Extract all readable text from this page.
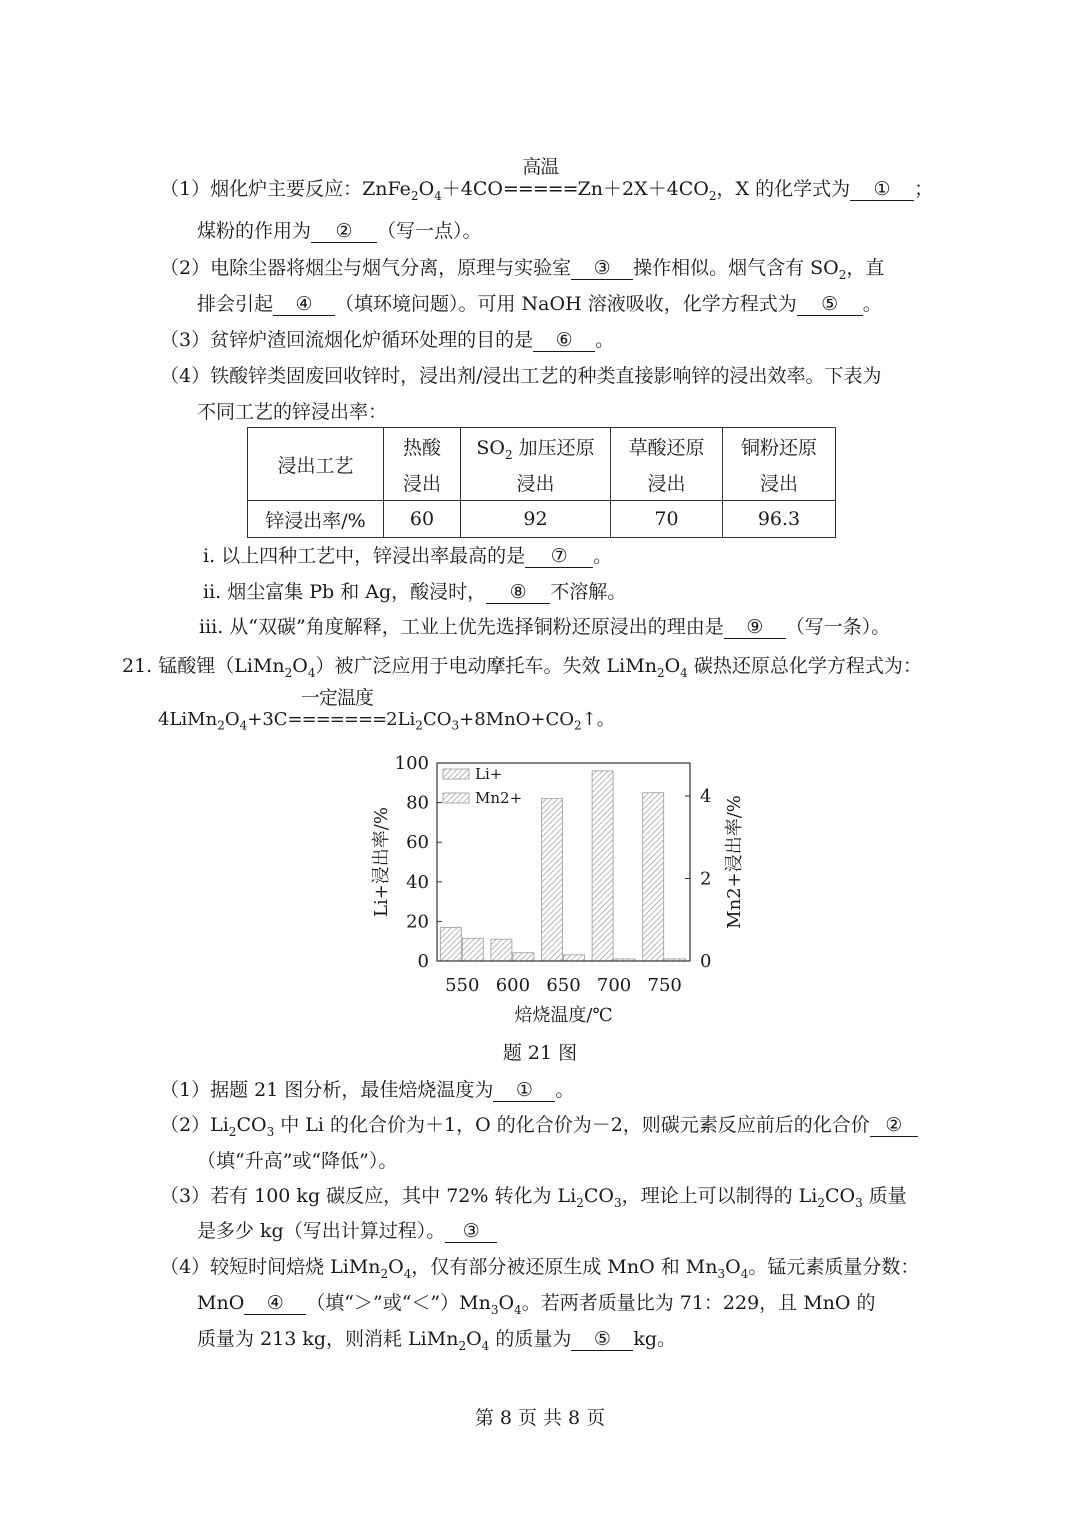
（1）烟化炉主要反应：$ZnFe_2O_4+4CO$
高温
$=====Zn+2X+4CO_2$，X 的化学式为 ① ；
煤粉的作用为 ② （写一点）。
（2）电除尘器将烟尘与烟气分离，原理与实验室 ③ 操作相似。烟气含有 $SO_2$，直
排会引起 ④ （填环境问题）。可用 NaOH 溶液吸收，化学方程式为 ⑤ 。
（3）贫锌炉渣回流烟化炉循环处理的目的是 ⑥ 。
（4）铁酸锌类固废回收锌时，浸出剂/浸出工艺的种类直接影响锌的浸出效率。下表为
不同工艺的锌浸出率：
浸出工艺	热酸	$SO_2$ 加压还原	草酸还原	铜粉还原
	浸出	浸出	浸出	浸出
锌浸出率/%	60	92	70	96.3
ⅰ. 以上四种工艺中，锌浸出率最高的是 ⑦ 。
ⅱ. 烟尘富集 Pb 和 Ag，酸浸时， ⑧ 不溶解。
ⅲ. 从“双碳”角度解释，工业上优先选择铜粉还原浸出的理由是 ⑨ （写一条）。
21. 锰酸锂$(LiMn_2O_4)$被广泛应用于电动摩托车。失效 $LiMn_2O_4$ 碳热还原总化学方程式为：
$4LiMn_2O_4+3C$
一定温度
$=======2Li_2CO_3+8MnO+CO_2↑$。
0
20
40
60
80
100
0
2
4
550 600 650 700 750
焙烧温度/℃
Li+浸出率/%	Mn2+浸出率/%
Li+
Mn2+
题 21 图
（1）据题 21 图分析，最佳焙烧温度为 ① 。
$(2)Li_2CO_3$ 中 Li 的化合价为＋1，O 的化合价为－2，则碳元素反应前后的化合价 ②
（填“升高”或“降低”）。
（3）若有 100 kg 碳反应，其中 72% 转化为 $Li_2CO_3$，理论上可以制得的 $Li_2CO_3$ 质量
是多少 kg（写出计算过程）。 ③
（4）较短时间焙烧 $LiMn_2O_4$，仅有部分被还原生成 MnO 和 $Mn_3O_4$。锰元素质量分数：
MnO ④ （填“＞”或“$<”)Mn_3O_4$。若两者质量比为 71：229，且 MnO 的
质量为 213 kg，则消耗 $LiMn_2O_4$ 的质量为 ⑤ kg。
第 8 页 共 8 页
